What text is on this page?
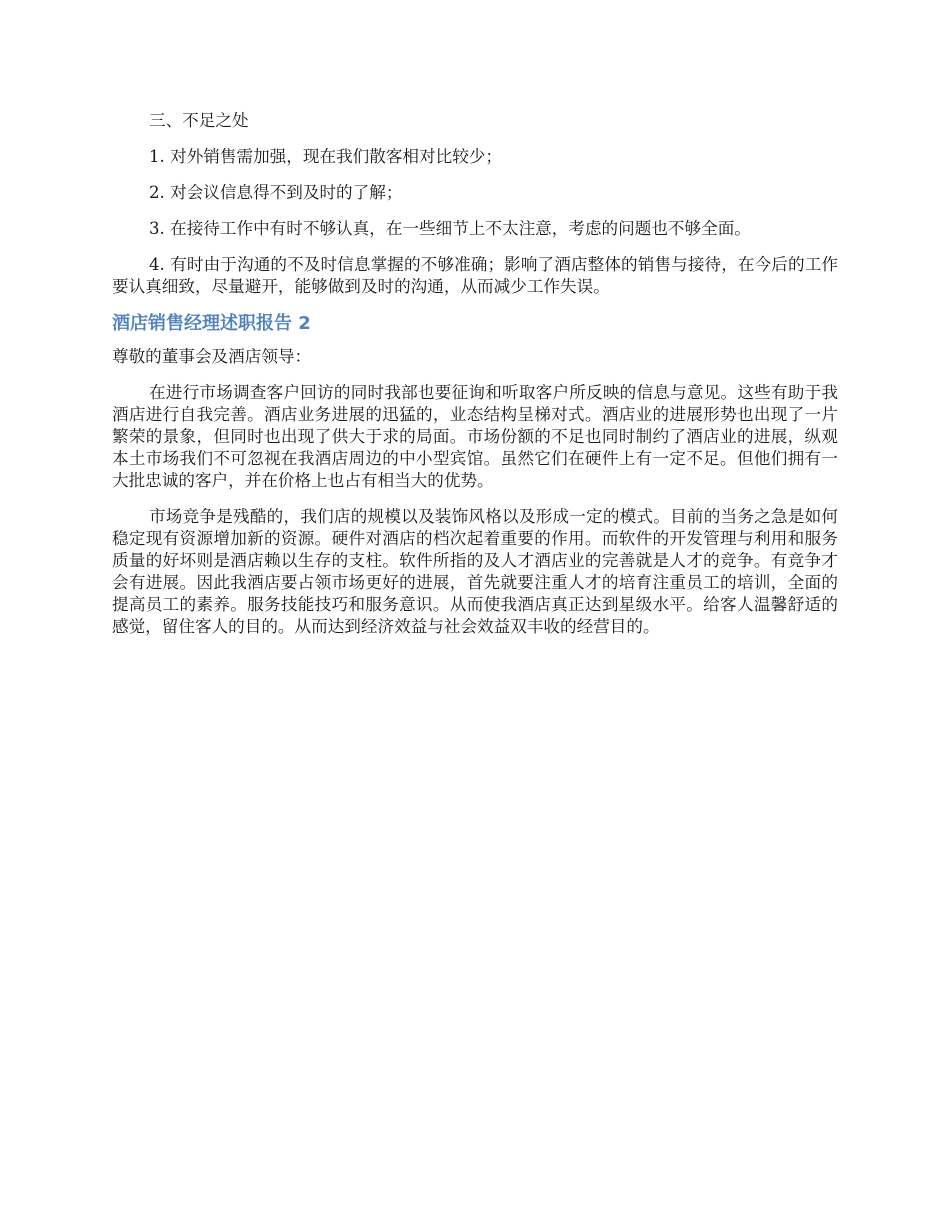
三、不足之处

1. 对外销售需加强，现在我们散客相对比较少；

2. 对会议信息得不到及时的了解；

3. 在接待工作中有时不够认真，在一些细节上不太注意，考虑的问题也不够全面。

4. 有时由于沟通的不及时信息掌握的不够准确；影响了酒店整体的销售与接待，在今后的工作要认真细致，尽量避开，能够做到及时的沟通，从而减少工作失误。

酒店销售经理述职报告 2

尊敬的董事会及酒店领导：

在进行市场调查客户回访的同时我部也要征询和听取客户所反映的信息与意见。这些有助于我酒店进行自我完善。酒店业务进展的迅猛的，业态结构呈梯对式。酒店业的进展形势也出现了一片繁荣的景象，但同时也出现了供大于求的局面。市场份额的不足也同时制约了酒店业的进展，纵观本土市场我们不可忽视在我酒店周边的中小型宾馆。虽然它们在硬件上有一定不足。但他们拥有一大批忠诚的客户，并在价格上也占有相当大的优势。

市场竞争是残酷的，我们店的规模以及装饰风格以及形成一定的模式。目前的当务之急是如何稳定现有资源增加新的资源。硬件对酒店的档次起着重要的作用。而软件的开发管理与利用和服务质量的好坏则是酒店赖以生存的支柱。软件所指的及人才酒店业的完善就是人才的竞争。有竞争才会有进展。因此我酒店要占领市场更好的进展，首先就要注重人才的培育注重员工的培训，全面的提高员工的素养。服务技能技巧和服务意识。从而使我酒店真正达到星级水平。给客人温馨舒适的感觉，留住客人的目的。从而达到经济效益与社会效益双丰收的经营目的。
